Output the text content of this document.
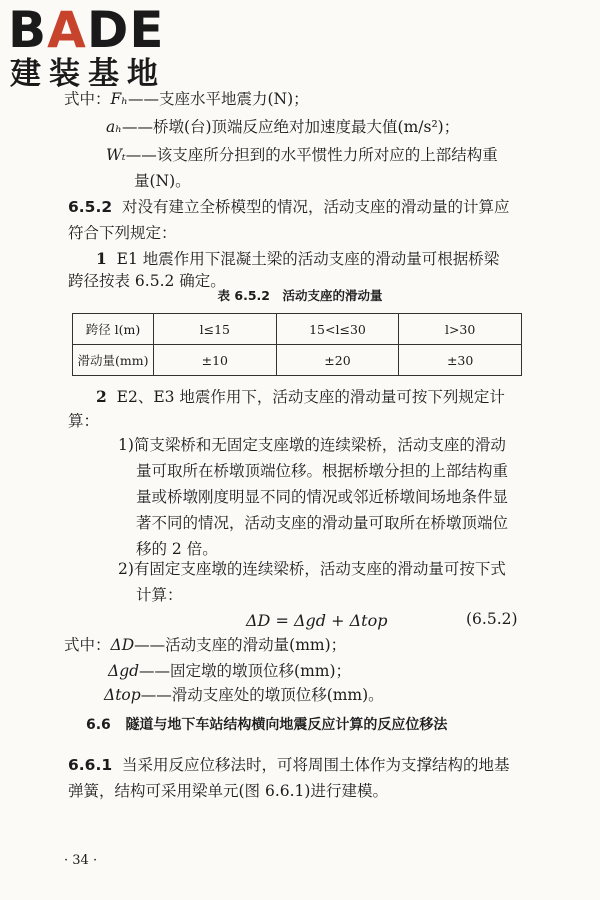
BADE
建装基地
式中：Fₕ——支座水平地震力(N)；
aₕ——桥墩(台)顶端反应绝对加速度最大值(m/s²)；
Wₜ——该支座所分担到的水平惯性力所对应的上部结构重
量(N)。
6.5.2 对没有建立全桥模型的情况，活动支座的滑动量的计算应
符合下列规定：
1 E1 地震作用下混凝土梁的活动支座的滑动量可根据桥梁
跨径按表 6.5.2 确定。
表 6.5.2　活动支座的滑动量
跨径 l(m)	l≤15	15<l≤30	l>30
滑动量(mm)	±10	±20	±30
2 E2、E3 地震作用下，活动支座的滑动量可按下列规定计
算：
1)简支梁桥和无固定支座墩的连续梁桥，活动支座的滑动
量可取所在桥墩顶端位移。根据桥墩分担的上部结构重
量或桥墩刚度明显不同的情况或邻近桥墩间场地条件显
著不同的情况，活动支座的滑动量可取所在桥墩顶端位
移的 2 倍。
2)有固定支座墩的连续梁桥，活动支座的滑动量可按下式
计算：
ΔD = Δgd + Δtop	(6.5.2)
式中：ΔD——活动支座的滑动量(mm)；
Δgd——固定墩的墩顶位移(mm)；
Δtop——滑动支座处的墩顶位移(mm)。
6.6 隧道与地下车站结构横向地震反应计算的反应位移法
6.6.1 当采用反应位移法时，可将周围土体作为支撑结构的地基
弹簧，结构可采用梁单元(图 6.6.1)进行建模。
· 34 ·
